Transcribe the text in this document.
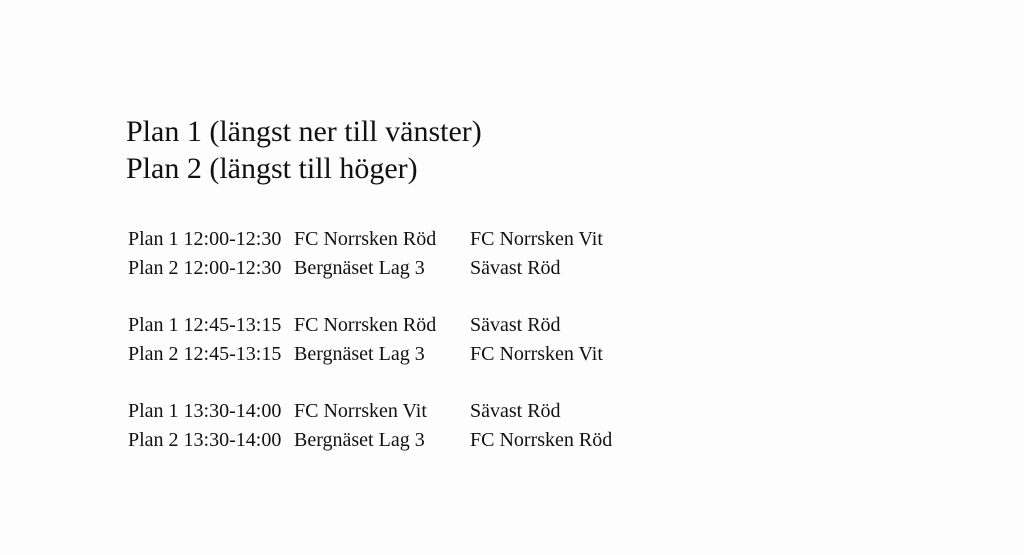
Plan 1 (längst ner till vänster)
Plan 2 (längst till höger)
Plan 1 12:00-12:30 FC Norrsken Röd	FC Norrsken Vit
Plan 2 12:00-12:30 Bergnäset Lag 3	Sävast Röd
Plan 1 12:45-13:15 FC Norrsken Röd	Sävast Röd
Plan 2 12:45-13:15 Bergnäset Lag 3	FC Norrsken Vit
Plan 1 13:30-14:00 FC Norrsken Vit	Sävast Röd
Plan 2 13:30-14:00 Bergnäset Lag 3	FC Norrsken Röd
